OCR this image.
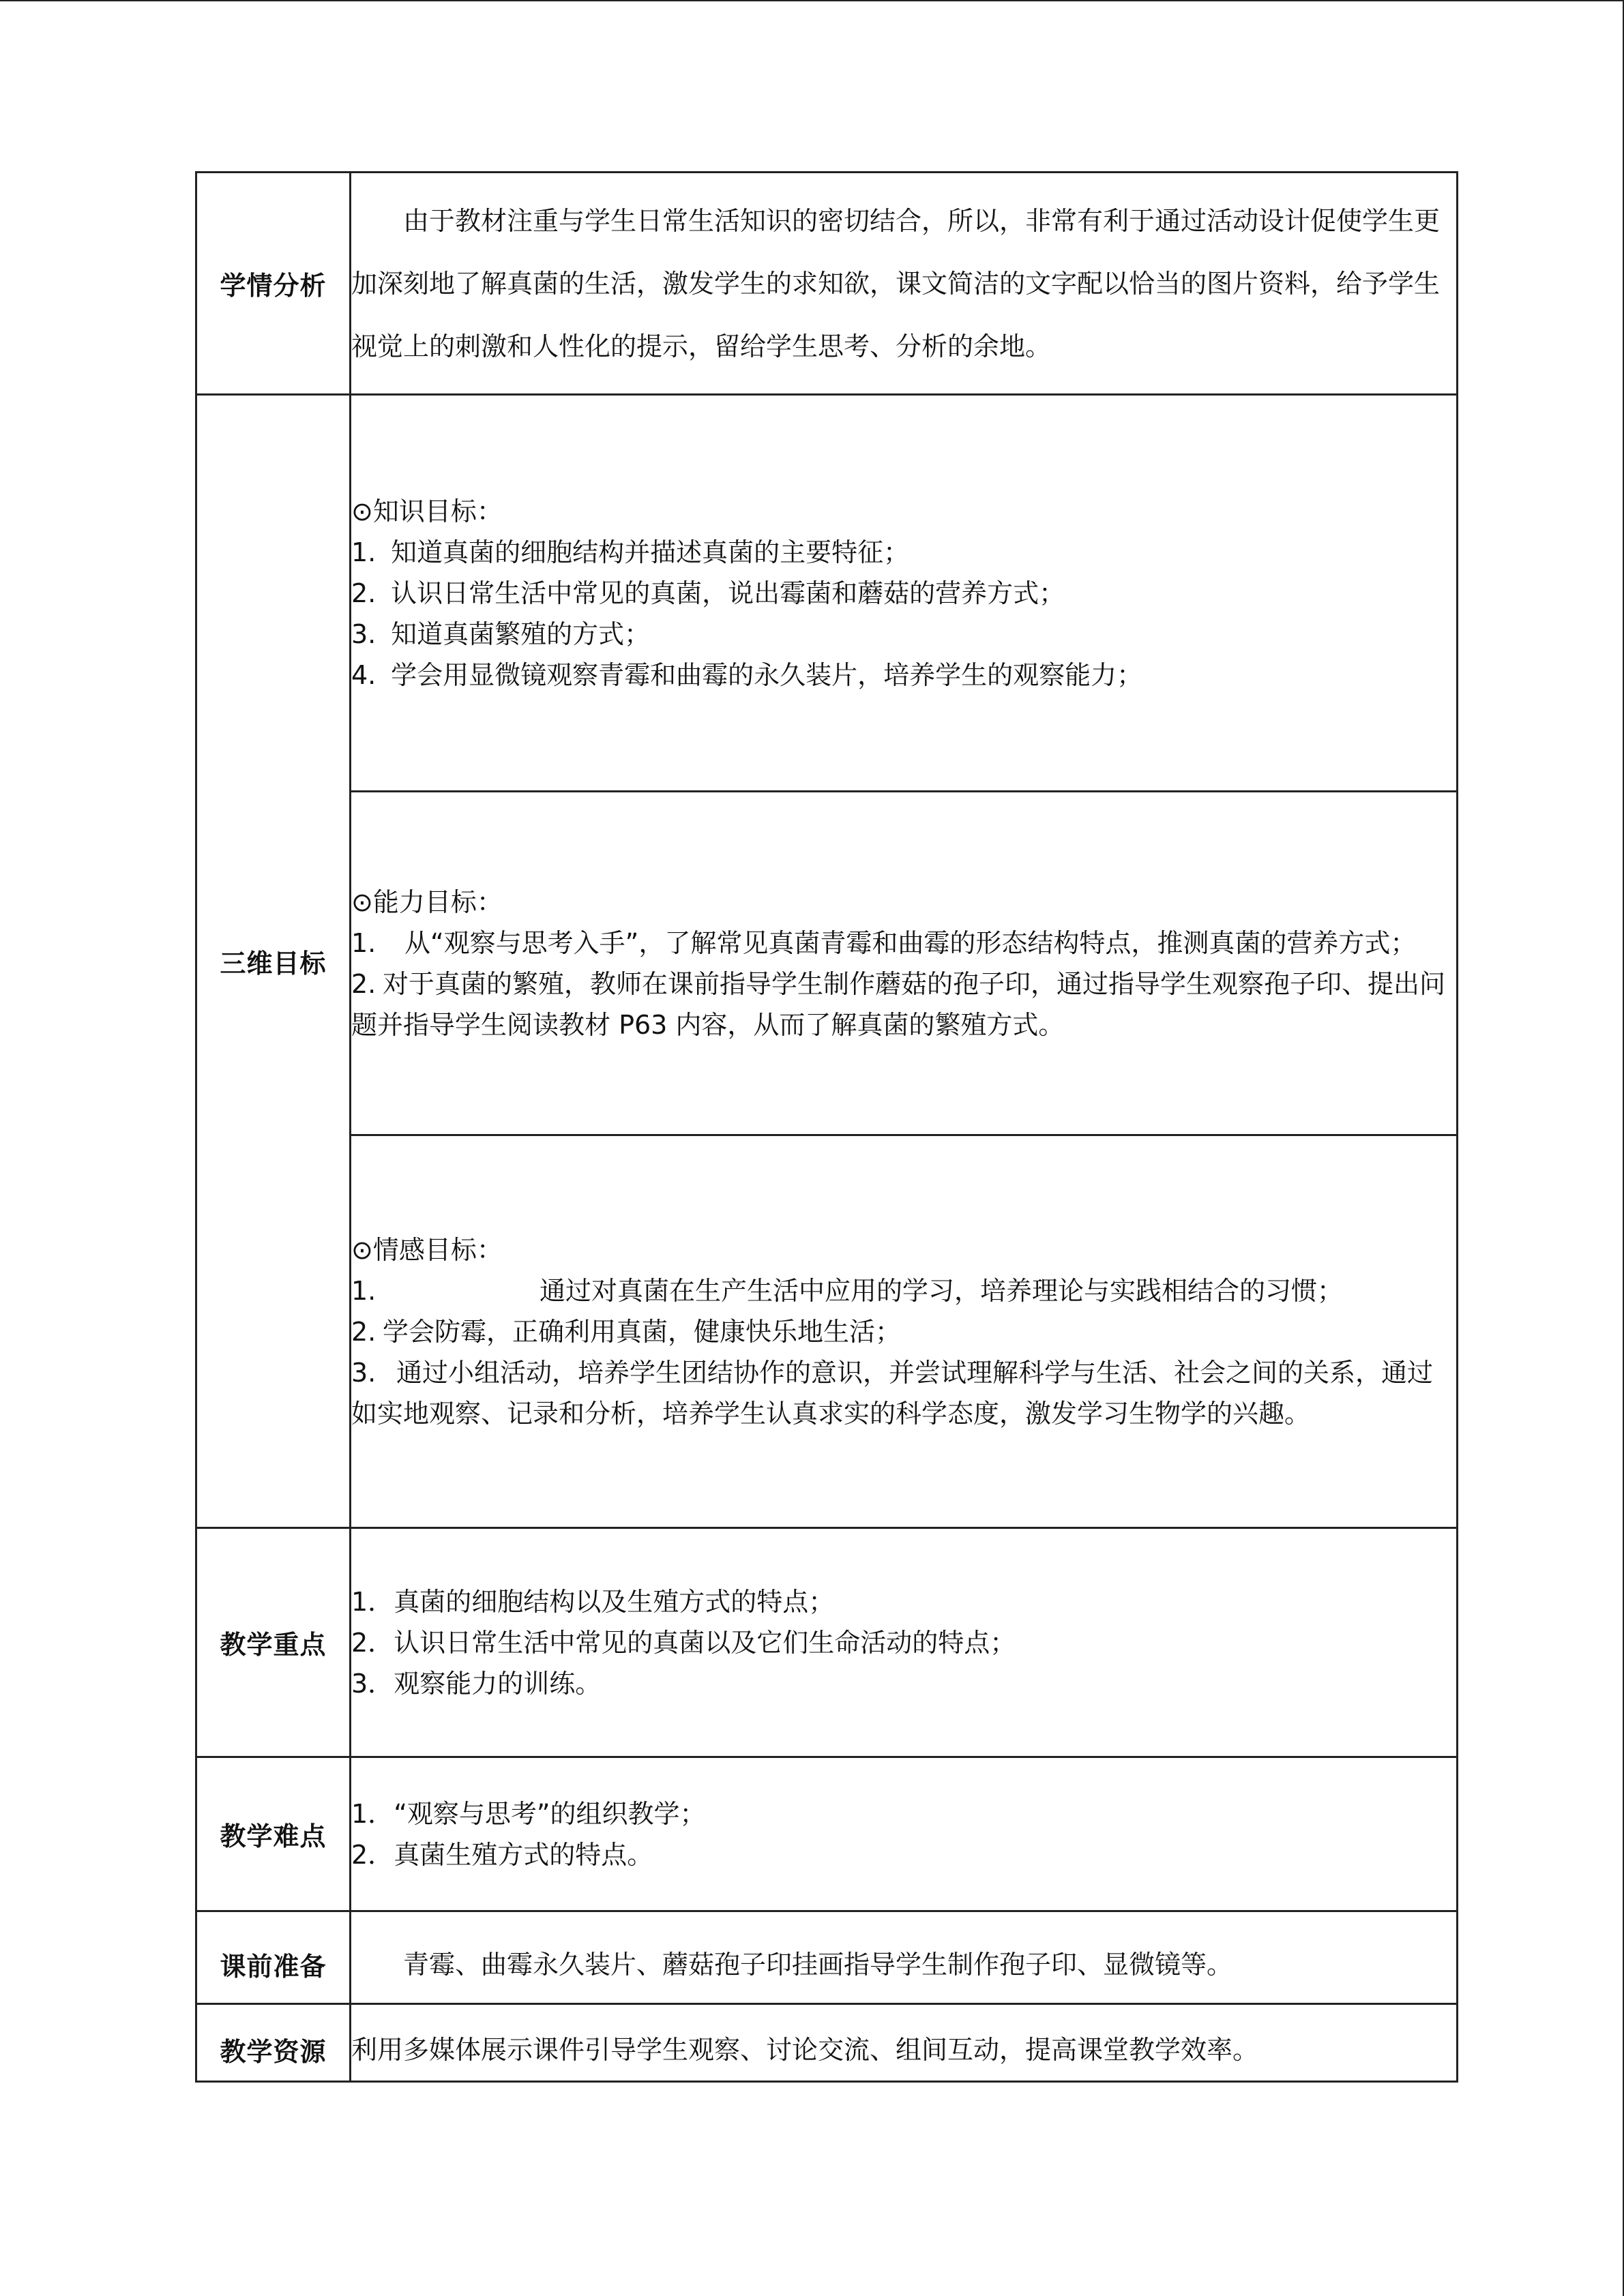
学情分析	由于教材注重与学生日常生活知识的密切结合，所以，非常有利于通过活动设计促使学生更加深刻地了解真菌的生活，激发学生的求知欲，课文简洁的文字配以恰当的图片资料，给予学生视觉上的刺激和人性化的提示，留给学生思考、分析的余地。

三维目标	⊙知识目标：

1. 知道真菌的细胞结构并描述真菌的主要特征；

2. 认识日常生活中常见的真菌，说出霉菌和蘑菇的营养方式；

3. 知道真菌繁殖的方式；

4. 学会用显微镜观察青霉和曲霉的永久装片，培养学生的观察能力；

	⊙能力目标：

1. 从“观察与思考入手”，了解常见真菌青霉和曲霉的形态结构特点，推测真菌的营养方式；

2. 对于真菌的繁殖，教师在课前指导学生制作蘑菇的孢子印，通过指导学生观察孢子印、提出问题并指导学生阅读教材 P63 内容，从而了解真菌的繁殖方式。

	⊙情感目标：

1. 通过对真菌在生产生活中应用的学习，培养理论与实践相结合的习惯；

2. 学会防霉，正确利用真菌，健康快乐地生活；

3. 通过小组活动，培养学生团结协作的意识，并尝试理解科学与生活、社会之间的关系，通过如实地观察、记录和分析，培养学生认真求实的科学态度，激发学习生物学的兴趣。

教学重点	1．真菌的细胞结构以及生殖方式的特点；

2．认识日常生活中常见的真菌以及它们生命活动的特点；

3．观察能力的训练。

教学难点	1．“观察与思考”的组织教学；

2．真菌生殖方式的特点。

课前准备	青霉、曲霉永久装片、蘑菇孢子印挂画指导学生制作孢子印、显微镜等。

教学资源	利用多媒体展示课件引导学生观察、讨论交流、组间互动，提高课堂教学效率。
